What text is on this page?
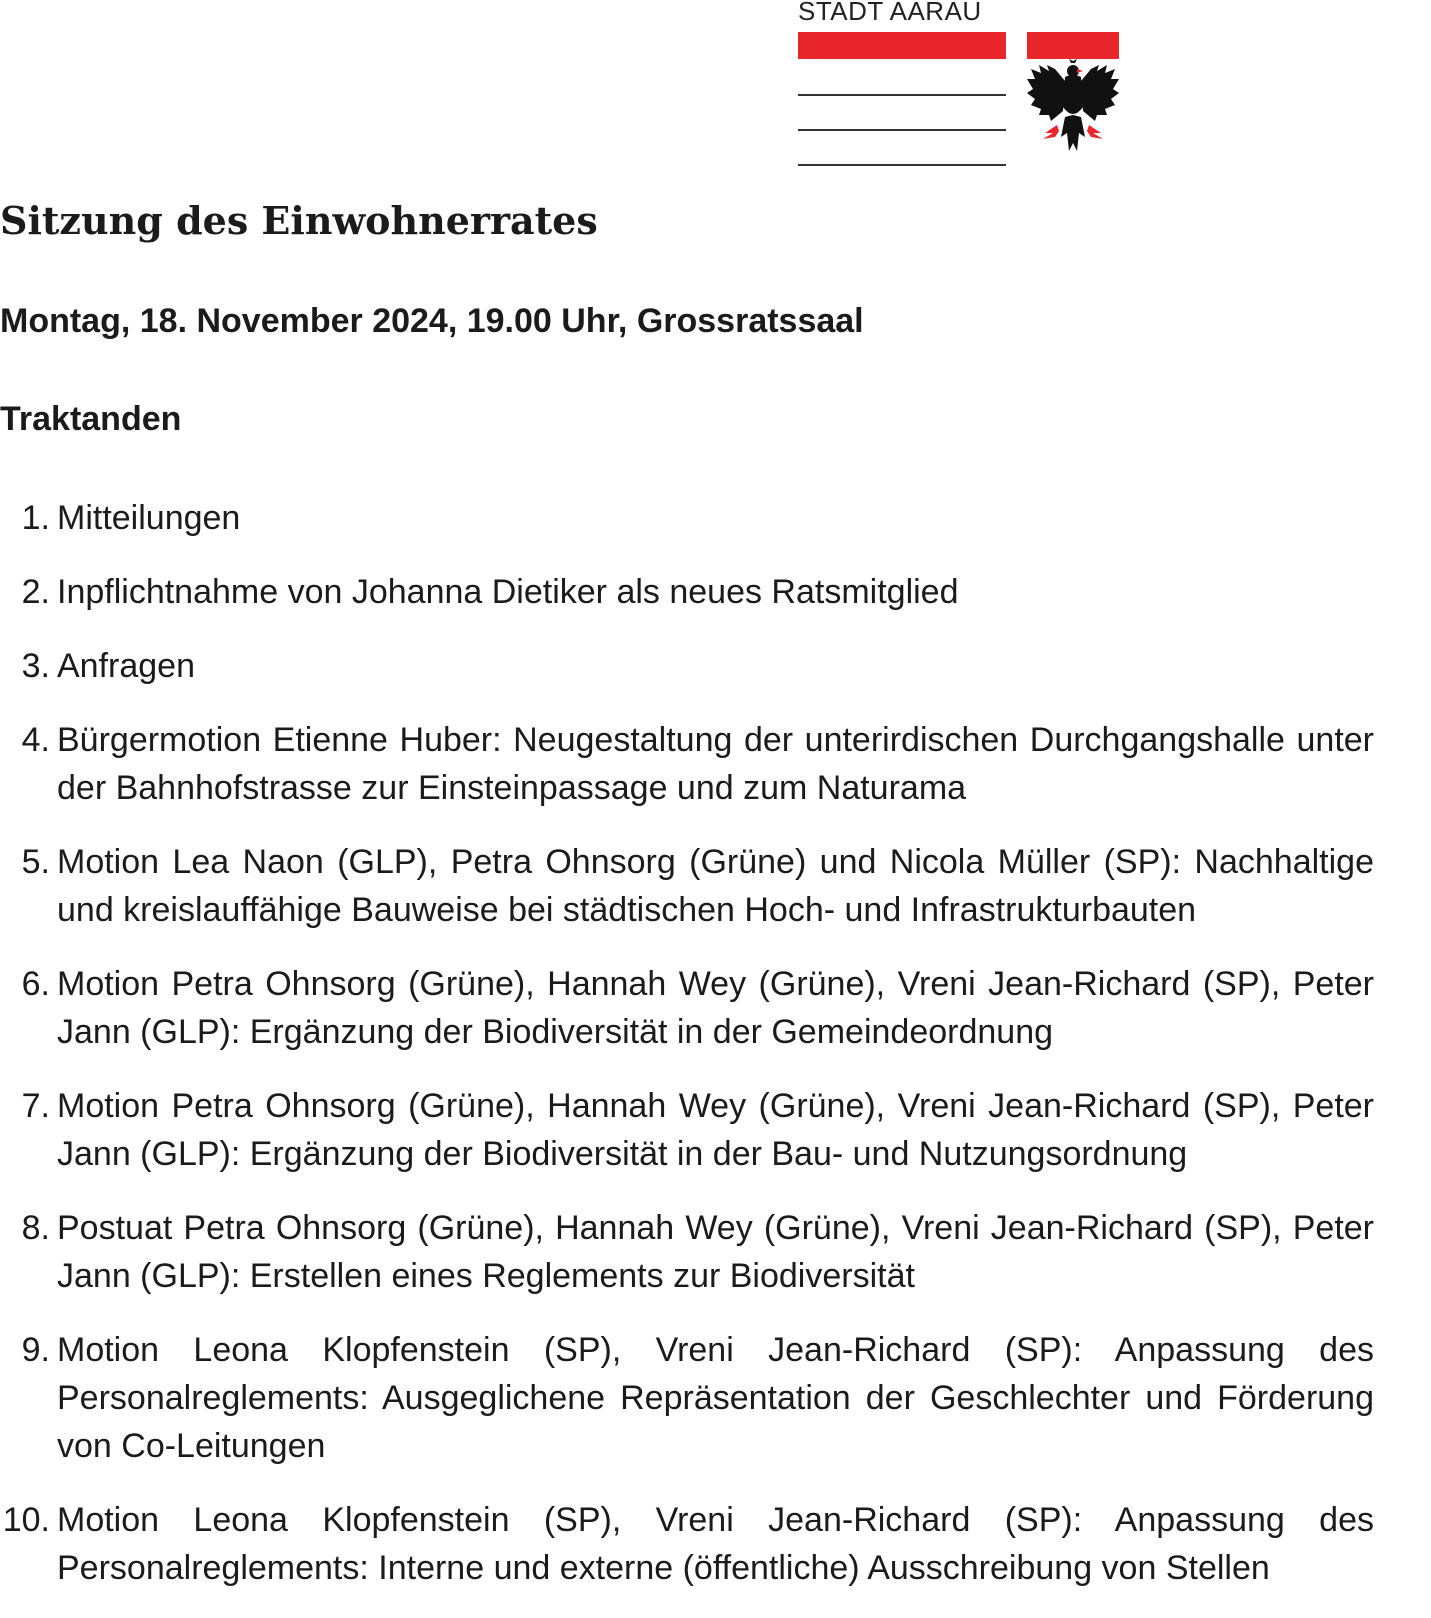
STADT AARAU
Sitzung des Einwohnerrates
Montag, 18. November 2024, 19.00 Uhr, Grossratssaal
Traktanden
1. Mitteilungen
2. Inpflichtnahme von Johanna Dietiker als neues Ratsmitglied
3. Anfragen
4. Bürgermotion Etienne Huber: Neugestaltung der unterirdischen Durchgangshalle unter der Bahnhofstrasse zur Einsteinpassage und zum Naturama
5. Motion Lea Naon (GLP), Petra Ohnsorg (Grüne) und Nicola Müller (SP): Nachhaltige und kreislauffähige Bauweise bei städtischen Hoch- und Infrastrukturbauten
6. Motion Petra Ohnsorg (Grüne), Hannah Wey (Grüne), Vreni Jean-Richard (SP), Peter Jann (GLP): Ergänzung der Biodiversität in der Gemeindeordnung
7. Motion Petra Ohnsorg (Grüne), Hannah Wey (Grüne), Vreni Jean-Richard (SP), Peter Jann (GLP): Ergänzung der Biodiversität in der Bau- und Nutzungsordnung
8. Postuat Petra Ohnsorg (Grüne), Hannah Wey (Grüne), Vreni Jean-Richard (SP), Peter Jann (GLP): Erstellen eines Reglements zur Biodiversität
9. Motion Leona Klopfenstein (SP), Vreni Jean-Richard (SP): Anpassung des Personalreglements: Ausgeglichene Repräsentation der Geschlechter und Förderung von Co-Leitungen
10. Motion Leona Klopfenstein (SP), Vreni Jean-Richard (SP): Anpassung des Personalreglements: Interne und externe (öffentliche) Ausschreibung von Stellen
